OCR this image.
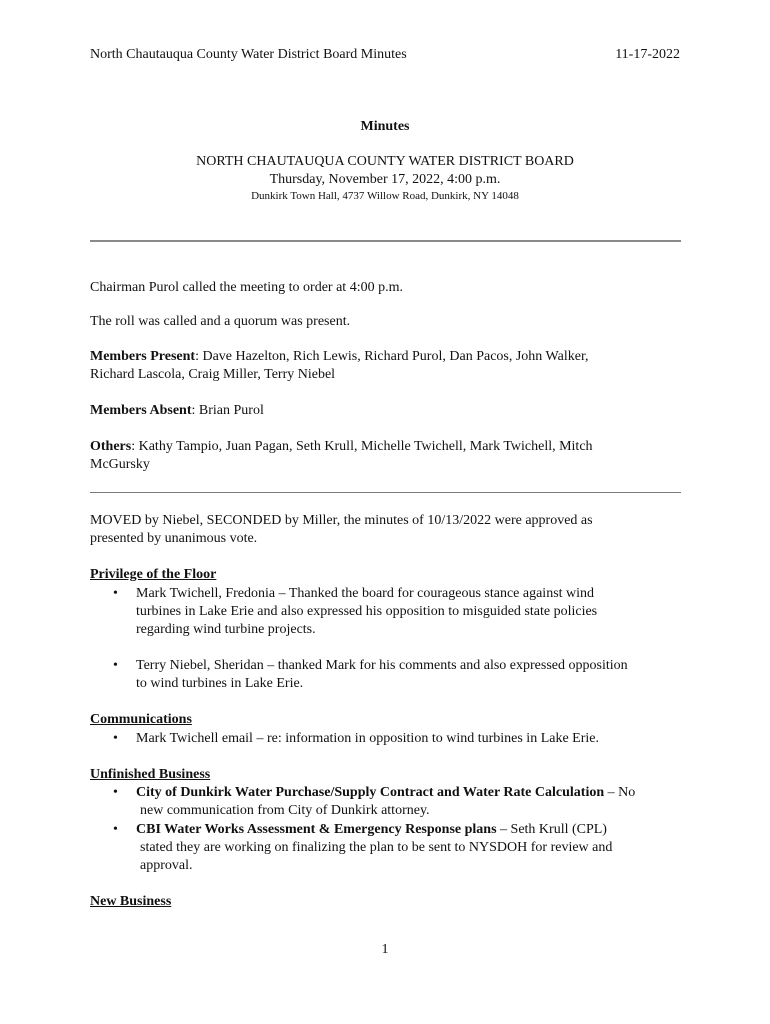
North Chautauqua County Water District Board Minutes	11-17-2022
Minutes
NORTH CHAUTAUQUA COUNTY WATER DISTRICT BOARD
Thursday, November 17, 2022, 4:00 p.m.
Dunkirk Town Hall, 4737 Willow Road, Dunkirk, NY 14048
Chairman Purol called the meeting to order at 4:00 p.m.
The roll was called and a quorum was present.
Members Present: Dave Hazelton, Rich Lewis, Richard Purol, Dan Pacos, John Walker,
Richard Lascola, Craig Miller, Terry Niebel
Members Absent: Brian Purol
Others: Kathy Tampio, Juan Pagan, Seth Krull, Michelle Twichell, Mark Twichell, Mitch
McGursky
MOVED by Niebel, SECONDED by Miller, the minutes of 10/13/2022 were approved as
presented by unanimous vote.
Privilege of the Floor
• Mark Twichell, Fredonia – Thanked the board for courageous stance against wind
turbines in Lake Erie and also expressed his opposition to misguided state policies
regarding wind turbine projects.
• Terry Niebel, Sheridan – thanked Mark for his comments and also expressed opposition
to wind turbines in Lake Erie.
Communications
• Mark Twichell email – re: information in opposition to wind turbines in Lake Erie.
Unfinished Business
• City of Dunkirk Water Purchase/Supply Contract and Water Rate Calculation – No
new communication from City of Dunkirk attorney.
• CBI Water Works Assessment & Emergency Response plans – Seth Krull (CPL)
stated they are working on finalizing the plan to be sent to NYSDOH for review and
approval.
New Business
1
